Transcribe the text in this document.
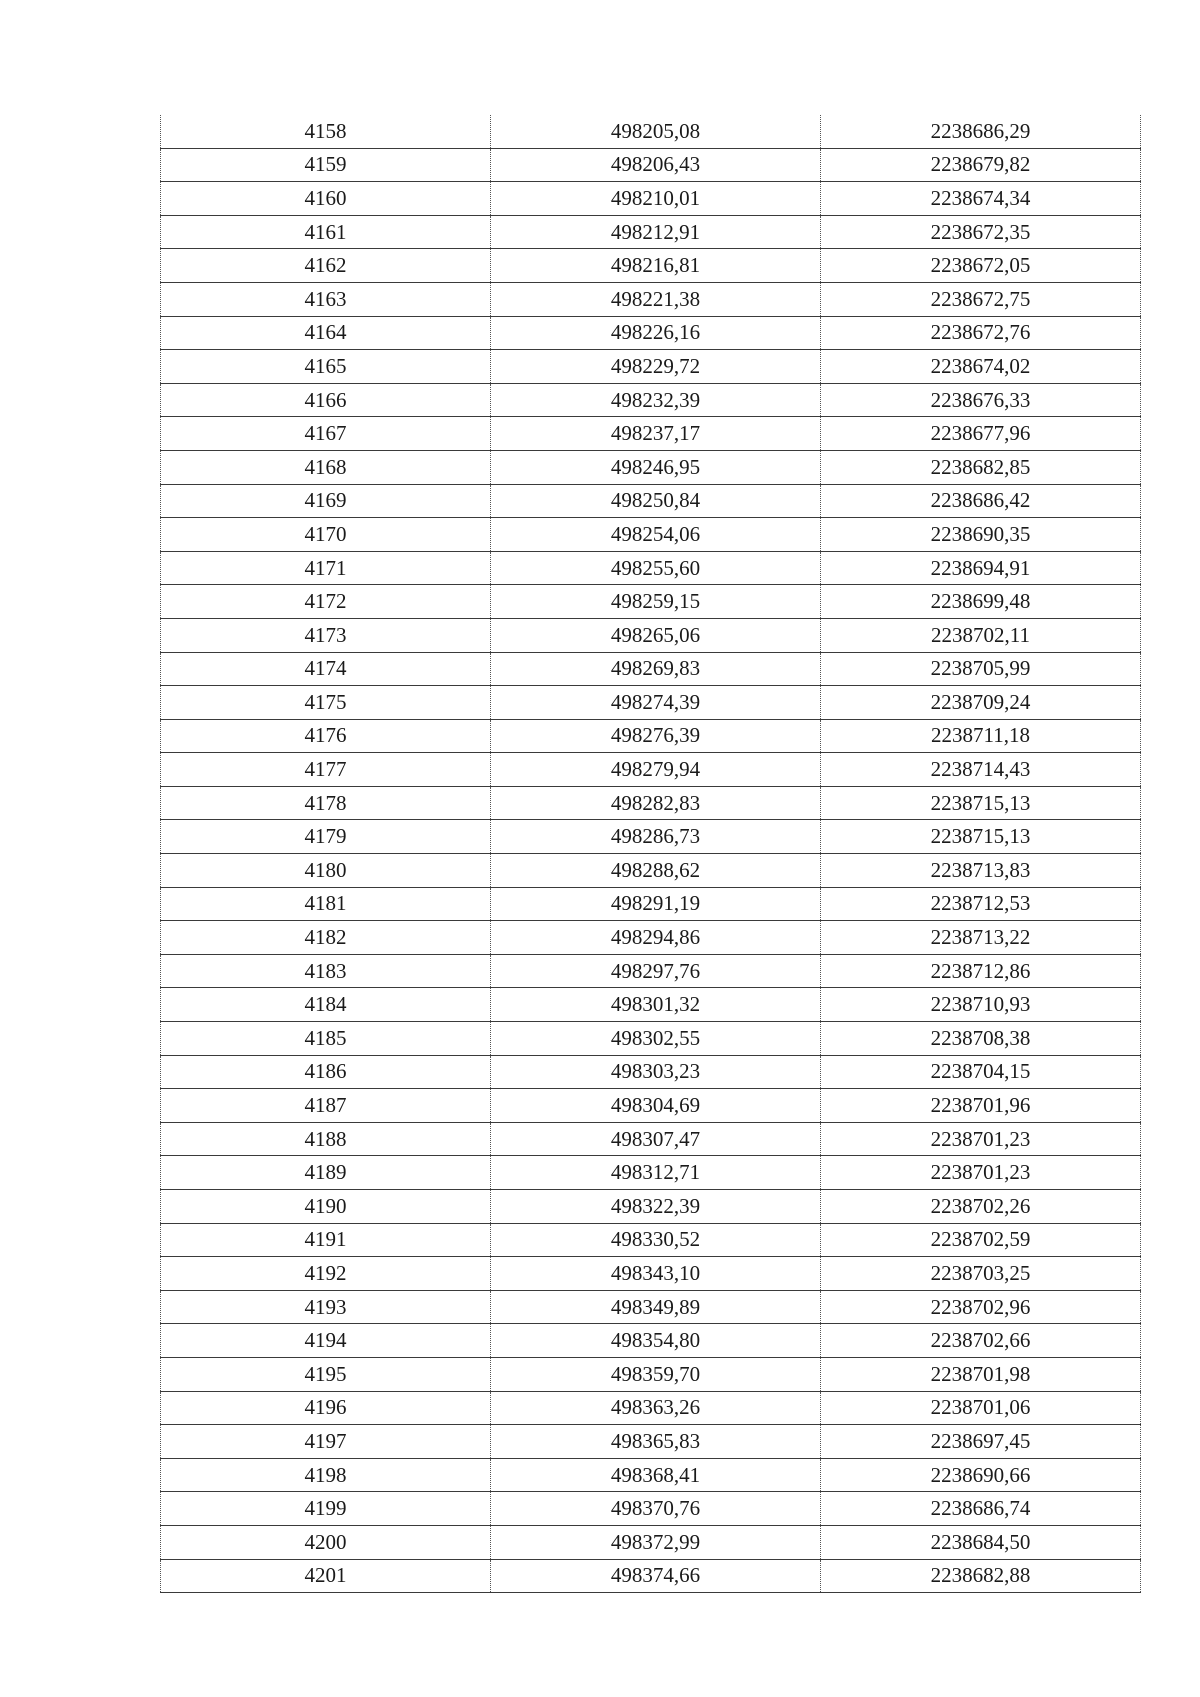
4158	498205,08	2238686,29
4159	498206,43	2238679,82
4160	498210,01	2238674,34
4161	498212,91	2238672,35
4162	498216,81	2238672,05
4163	498221,38	2238672,75
4164	498226,16	2238672,76
4165	498229,72	2238674,02
4166	498232,39	2238676,33
4167	498237,17	2238677,96
4168	498246,95	2238682,85
4169	498250,84	2238686,42
4170	498254,06	2238690,35
4171	498255,60	2238694,91
4172	498259,15	2238699,48
4173	498265,06	2238702,11
4174	498269,83	2238705,99
4175	498274,39	2238709,24
4176	498276,39	2238711,18
4177	498279,94	2238714,43
4178	498282,83	2238715,13
4179	498286,73	2238715,13
4180	498288,62	2238713,83
4181	498291,19	2238712,53
4182	498294,86	2238713,22
4183	498297,76	2238712,86
4184	498301,32	2238710,93
4185	498302,55	2238708,38
4186	498303,23	2238704,15
4187	498304,69	2238701,96
4188	498307,47	2238701,23
4189	498312,71	2238701,23
4190	498322,39	2238702,26
4191	498330,52	2238702,59
4192	498343,10	2238703,25
4193	498349,89	2238702,96
4194	498354,80	2238702,66
4195	498359,70	2238701,98
4196	498363,26	2238701,06
4197	498365,83	2238697,45
4198	498368,41	2238690,66
4199	498370,76	2238686,74
4200	498372,99	2238684,50
4201	498374,66	2238682,88
